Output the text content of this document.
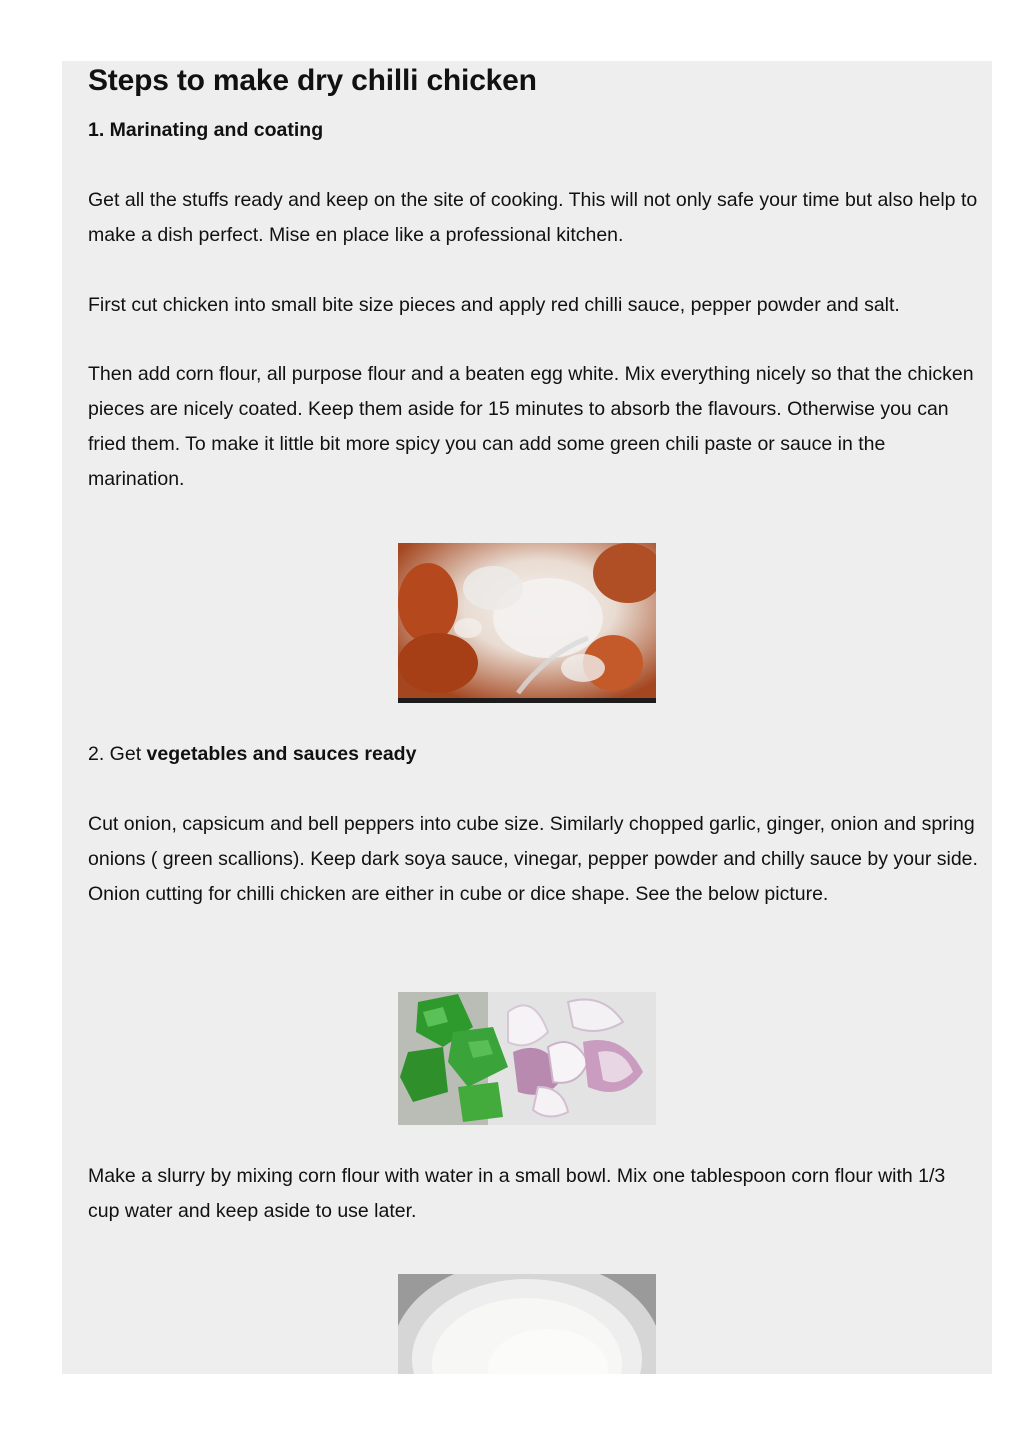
Steps to make dry chilli chicken

1. Marinating and coating

Get all the stuffs ready and keep on the site of cooking. This will not only safe your time but also help to make a dish perfect. Mise en place like a professional kitchen.

First cut chicken into small bite size pieces and apply red chilli sauce, pepper powder and salt.

Then add corn flour, all purpose flour and a beaten egg white. Mix everything nicely so that the chicken pieces are nicely coated. Keep them aside for 15 minutes to absorb the flavours. Otherwise you can fried them. To make it little bit more spicy you can add some green chili paste or sauce in the marination.

2. Get vegetables and sauces ready

Cut onion, capsicum and bell peppers into cube size. Similarly chopped garlic, ginger, onion and spring onions ( green scallions). Keep dark soya sauce, vinegar, pepper powder and chilly sauce by your side. Onion cutting for chilli chicken are either in cube or dice shape. See the below picture.

Make a slurry by mixing corn flour with water in a small bowl. Mix one tablespoon corn flour with 1/3 cup water and keep aside to use later.
